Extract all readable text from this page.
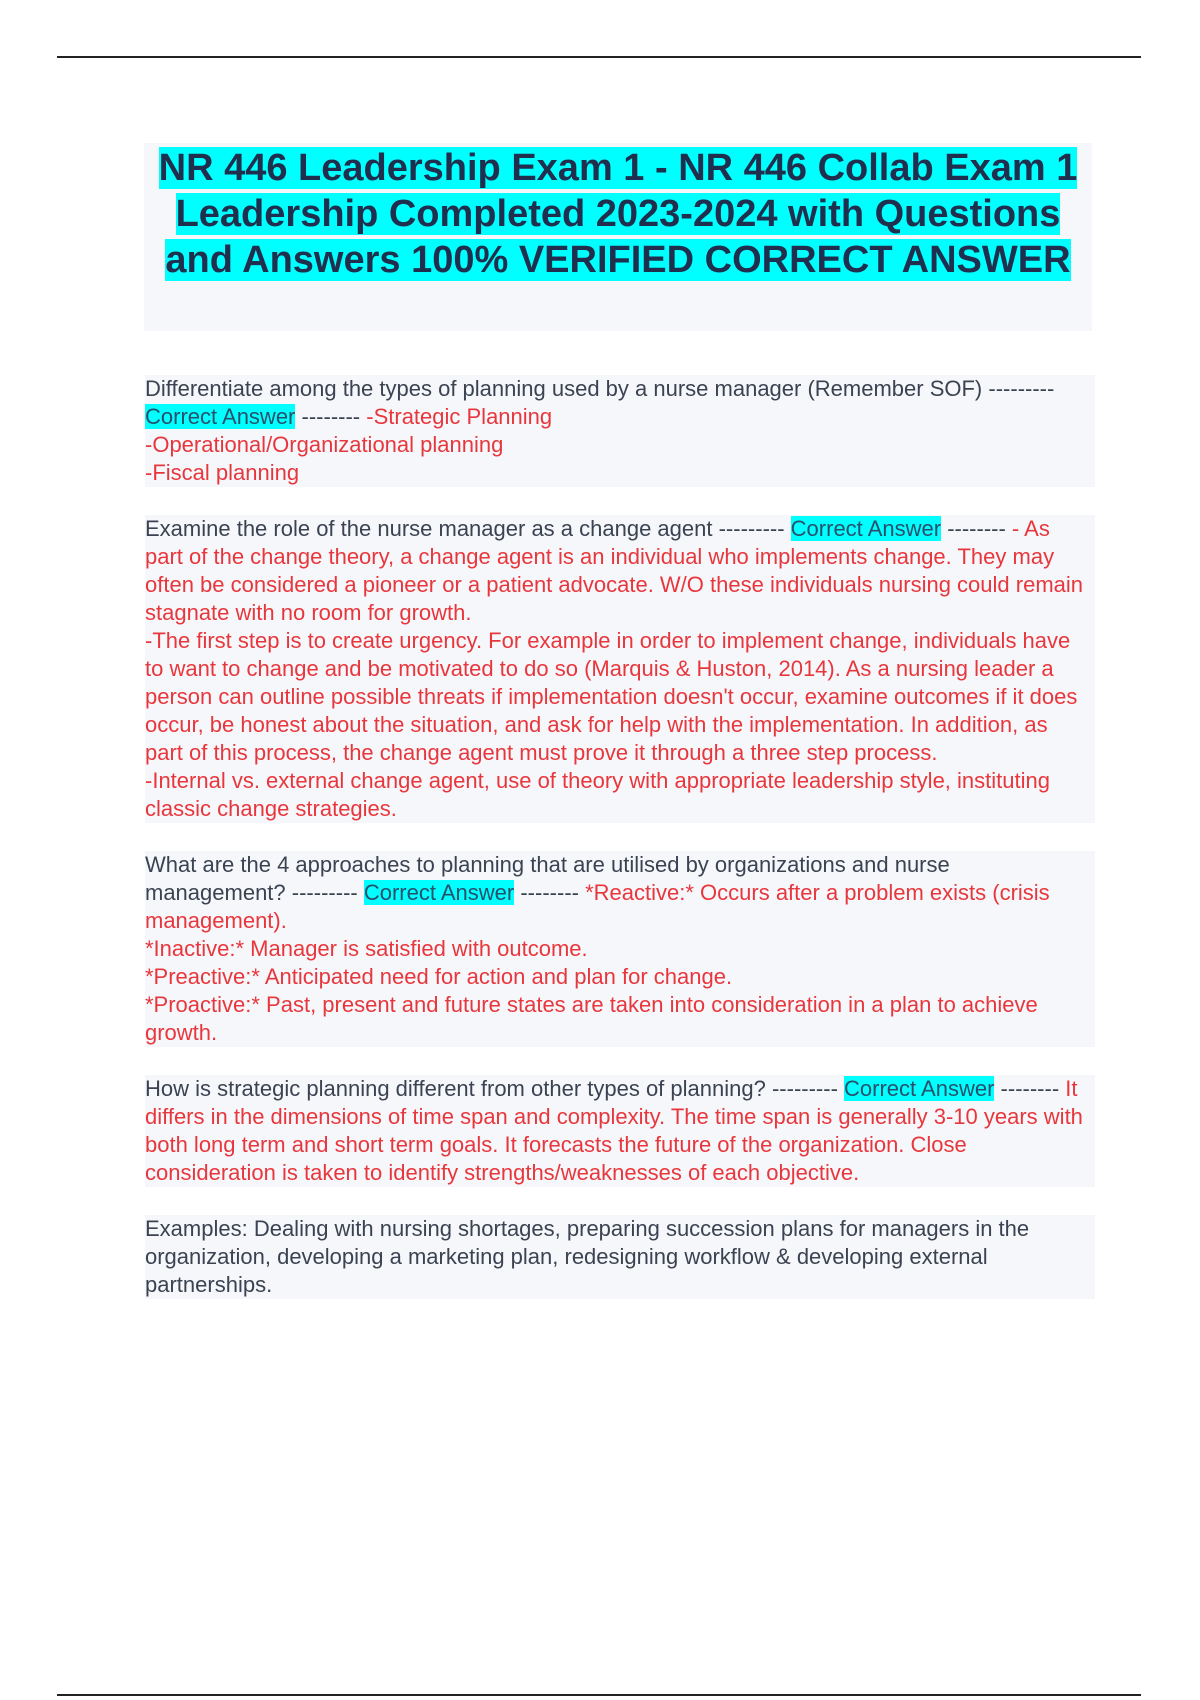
NR 446 Leadership Exam 1 - NR 446 Collab Exam 1 Leadership Completed 2023-2024 with Questions and Answers 100% VERIFIED CORRECT ANSWER

Differentiate among the types of planning used by a nurse manager (Remember SOF) --------- Correct Answer -------- -Strategic Planning

-Operational/Organizational planning

-Fiscal planning

Examine the role of the nurse manager as a change agent --------- Correct Answer -------- - As part of the change theory, a change agent is an individual who implements change. They may often be considered a pioneer or a patient advocate. W/O these individuals nursing could remain stagnate with no room for growth.

-The first step is to create urgency. For example in order to implement change, individuals have to want to change and be motivated to do so (Marquis & Huston, 2014). As a nursing leader a person can outline possible threats if implementation doesn't occur, examine outcomes if it does occur, be honest about the situation, and ask for help with the implementation. In addition, as part of this process, the change agent must prove it through a three step process.

-Internal vs. external change agent, use of theory with appropriate leadership style, instituting classic change strategies.

What are the 4 approaches to planning that are utilised by organizations and nurse management? --------- Correct Answer -------- *Reactive:* Occurs after a problem exists (crisis management).

*Inactive:* Manager is satisfied with outcome.

*Preactive:* Anticipated need for action and plan for change.

*Proactive:* Past, present and future states are taken into consideration in a plan to achieve growth.

How is strategic planning different from other types of planning? --------- Correct Answer -------- It differs in the dimensions of time span and complexity. The time span is generally 3-10 years with both long term and short term goals. It forecasts the future of the organization. Close consideration is taken to identify strengths/weaknesses of each objective.

Examples: Dealing with nursing shortages, preparing succession plans for managers in the organization, developing a marketing plan, redesigning workflow & developing external partnerships.
